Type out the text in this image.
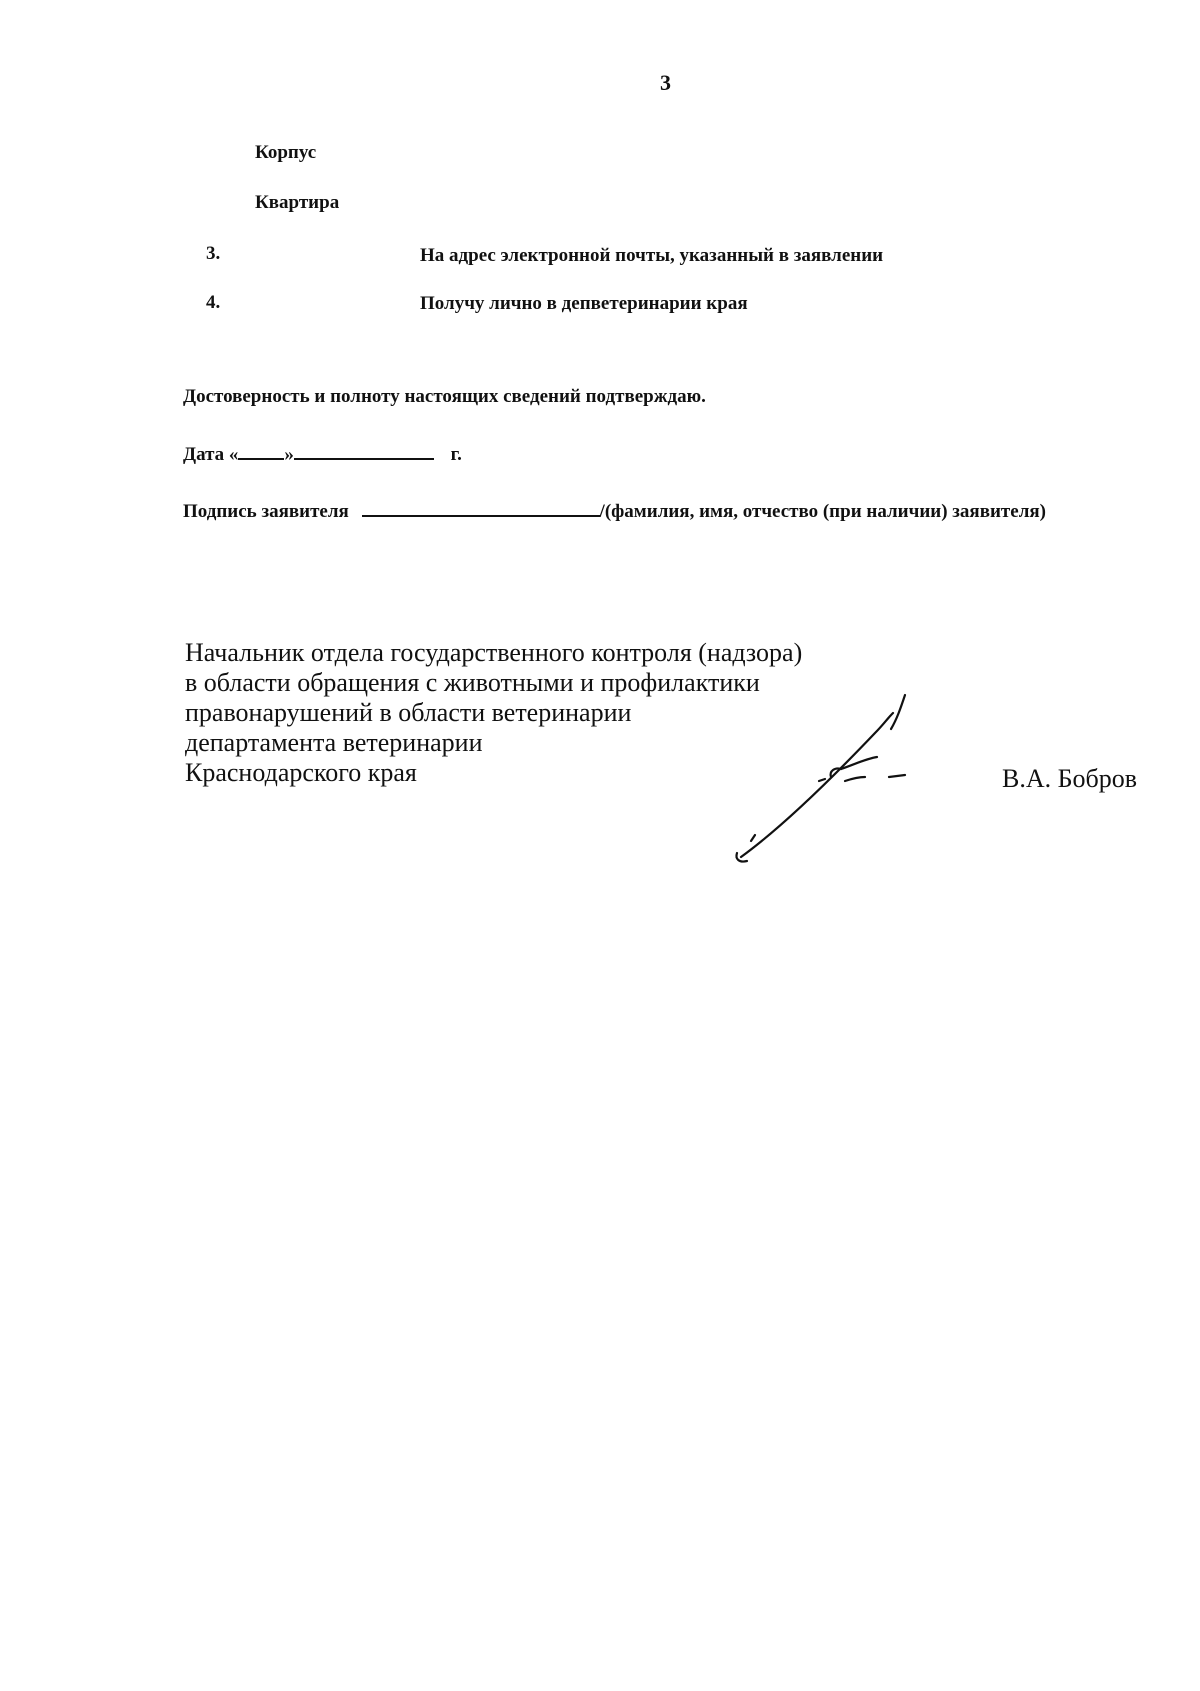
3
Корпус
Квартира
3.	На адрес электронной почты, указанный в заявлении
4.	Получу лично в депветеринарии края
Достоверность и полноту настоящих сведений подтверждаю.
Дата « »	г.
Подпись заявителя	/(фамилия, имя, отчество (при наличии) заявителя)
Начальник отдела государственного контроля (надзора)
в области обращения с животными и профилактики
правонарушений в области ветеринарии
департамента ветеринарии
Краснодарского края	В.А. Бобров
